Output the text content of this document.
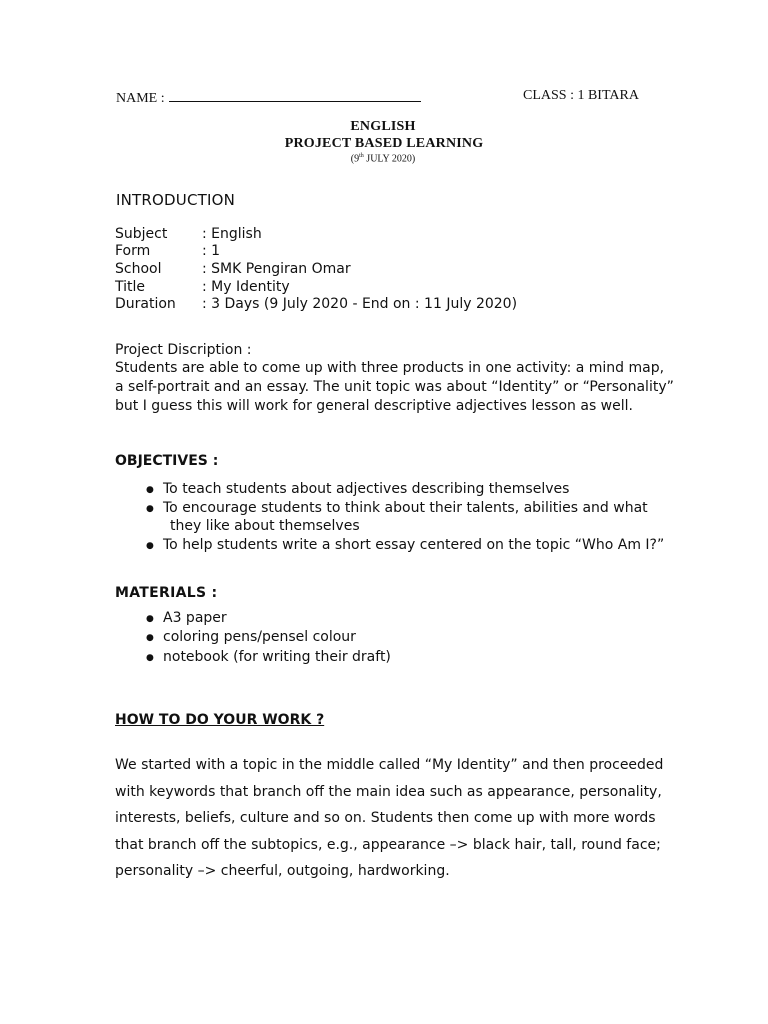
NAME :	CLASS : 1 BITARA
ENGLISH
PROJECT BASED LEARNING
(9th JULY 2020)
INTRODUCTION
Subject : English
Form	: 1
School	: SMK Pengiran Omar
Title	: My Identity
Duration : 3 Days (9 July 2020 - End on : 11 July 2020)
Project Discription :
Students are able to come up with three products in one activity: a mind map,
a self-portrait and an essay. The unit topic was about “Identity” or “Personality”
but I guess this will work for general descriptive adjectives lesson as well.
OBJECTIVES :
● To teach students about adjectives describing themselves
● To encourage students to think about their talents, abilities and what
they like about themselves
● To help students write a short essay centered on the topic “Who Am I?”
MATERIALS :
● A3 paper
● coloring pens/pensel colour
● notebook (for writing their draft)
HOW TO DO YOUR WORK ?
We started with a topic in the middle called “My Identity” and then proceeded
with keywords that branch off the main idea such as appearance, personality,
interests, beliefs, culture and so on. Students then come up with more words
that branch off the subtopics, e.g., appearance –> black hair, tall, round face;
personality –> cheerful, outgoing, hardworking.
